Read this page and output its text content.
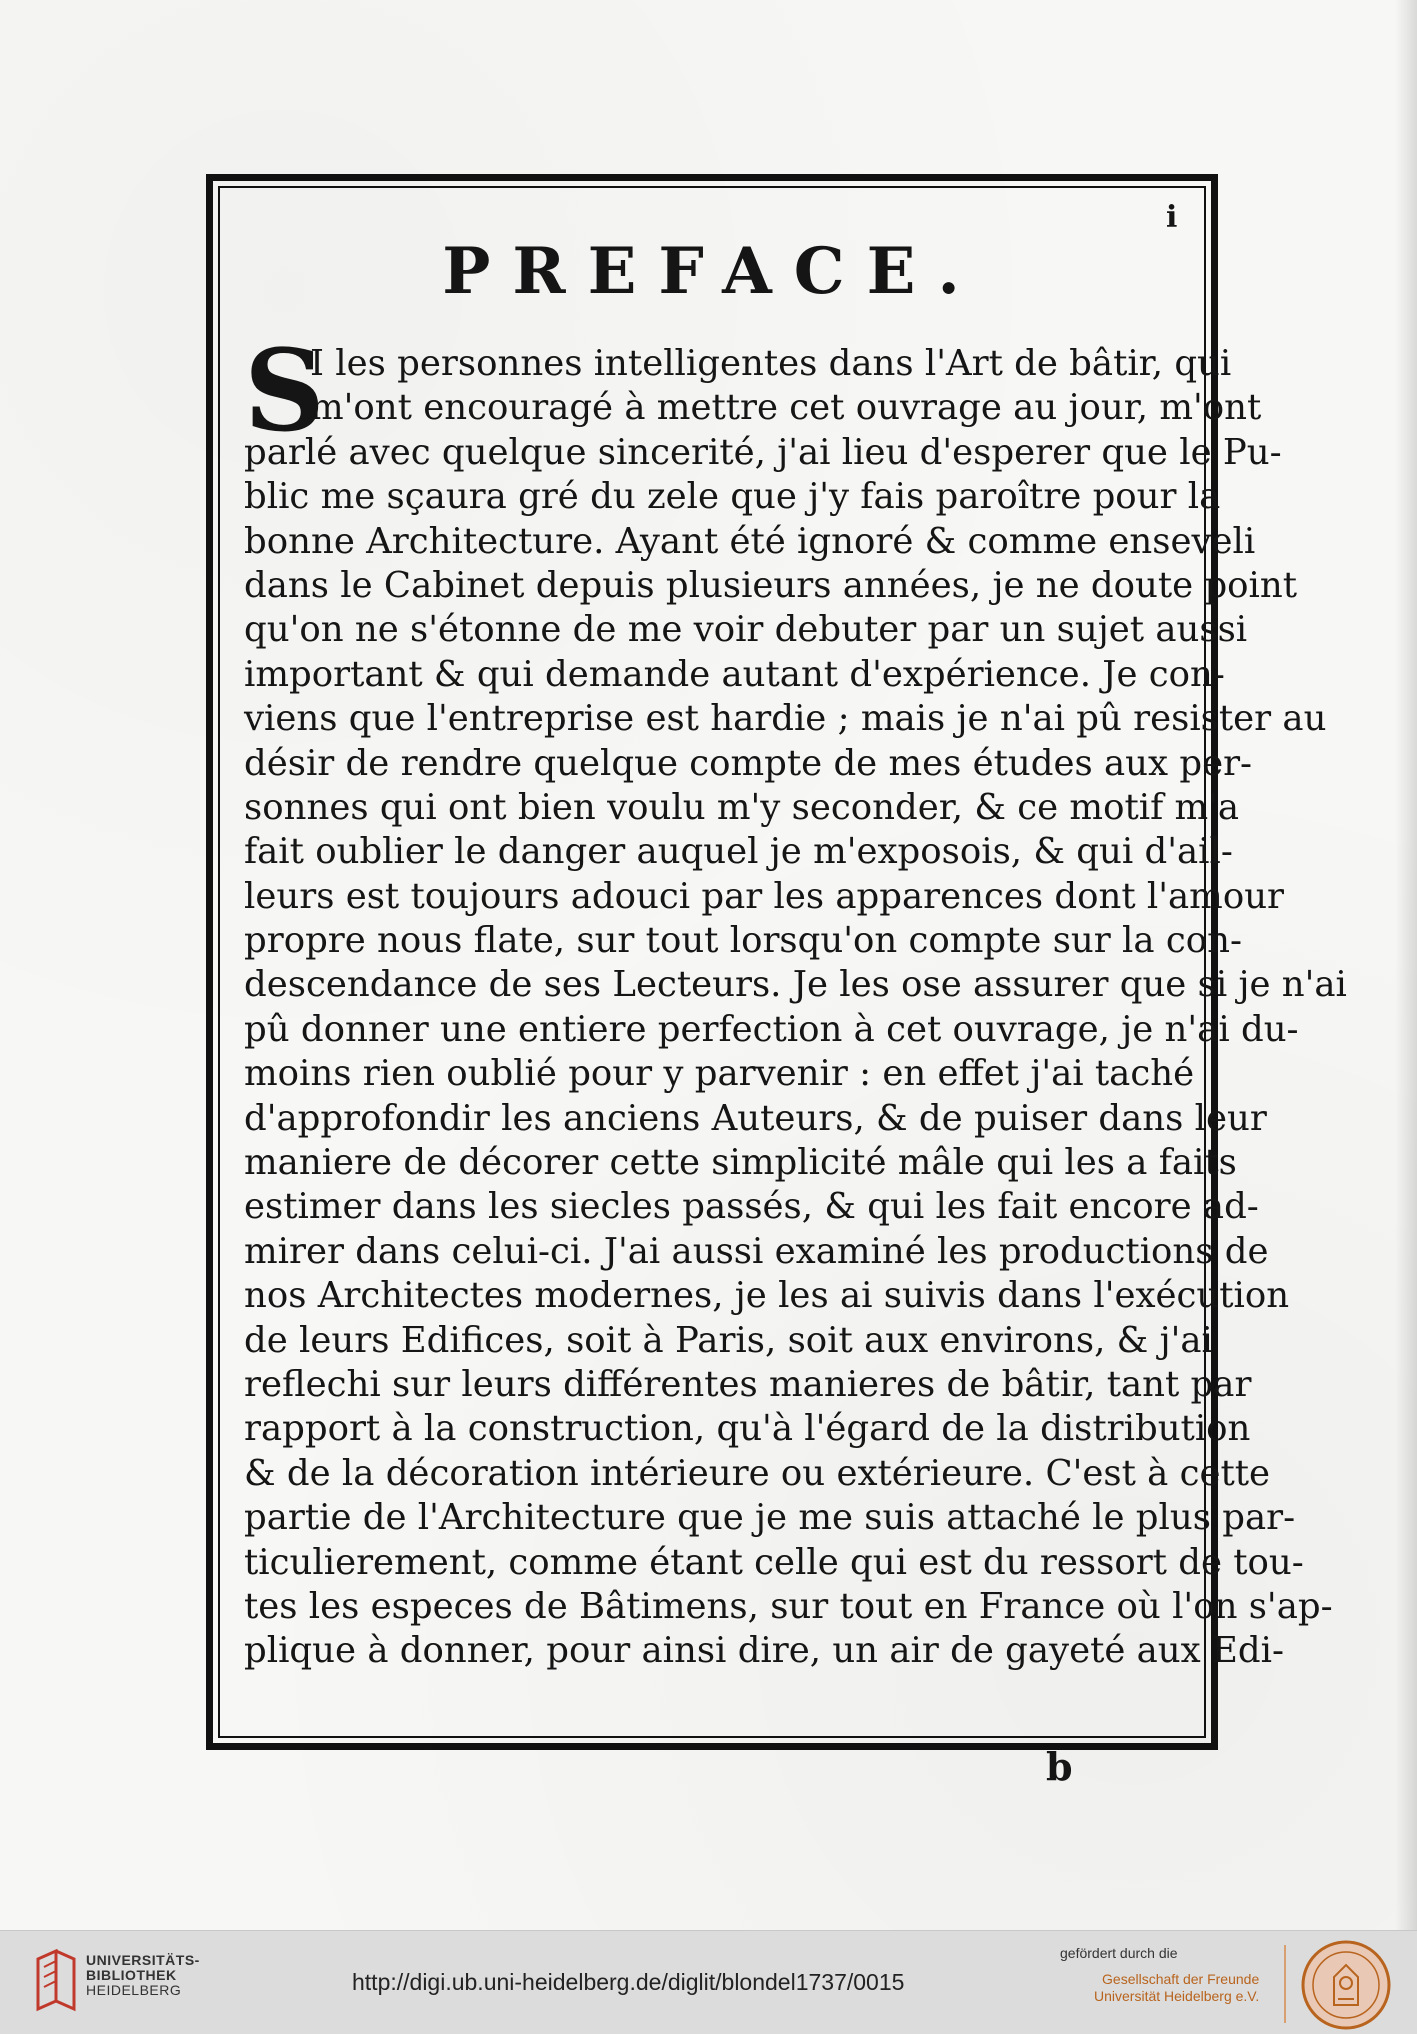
i
PREFACE.
S
I les personnes intelligentes dans l'Art de bâtir, qui
m'ont encouragé à mettre cet ouvrage au jour, m'ont
parlé avec quelque sincerité, j'ai lieu d'esperer que le Pu-
blic me sçaura gré du zele que j'y fais paroître pour la
bonne Architecture. Ayant été ignoré & comme enseveli
dans le Cabinet depuis plusieurs années, je ne doute point
qu'on ne s'étonne de me voir debuter par un sujet aussi
important & qui demande autant d'expérience. Je con-
viens que l'entreprise est hardie ; mais je n'ai pû resister au
désir de rendre quelque compte de mes études aux per-
sonnes qui ont bien voulu m'y seconder, & ce motif m'a
fait oublier le danger auquel je m'exposois, & qui d'ail-
leurs est toujours adouci par les apparences dont l'amour
propre nous flate, sur tout lorsqu'on compte sur la con-
descendance de ses Lecteurs. Je les ose assurer que si je n'ai
pû donner une entiere perfection à cet ouvrage, je n'ai du-
moins rien oublié pour y parvenir : en effet j'ai taché
d'approfondir les anciens Auteurs, & de puiser dans leur
maniere de décorer cette simplicité mâle qui les a faits
estimer dans les siecles passés, & qui les fait encore ad-
mirer dans celui-ci. J'ai aussi examiné les productions de
nos Architectes modernes, je les ai suivis dans l'exécution
de leurs Edifices, soit à Paris, soit aux environs, & j'ai
reflechi sur leurs différentes manieres de bâtir, tant par
rapport à la construction, qu'à l'égard de la distribution
& de la décoration intérieure ou extérieure. C'est à cette
partie de l'Architecture que je me suis attaché le plus par-
ticulierement, comme étant celle qui est du ressort de tou-
tes les especes de Bâtimens, sur tout en France où l'on s'ap-
plique à donner, pour ainsi dire, un air de gayeté aux Edi-
b
UNIVERSITÄTS-
BIBLIOTHEK
HEIDELBERG	http://digi.ub.uni-heidelberg.de/diglit/blondel1737/0015
gefördert durch die
Gesellschaft der Freunde
Universität Heidelberg e.V.
